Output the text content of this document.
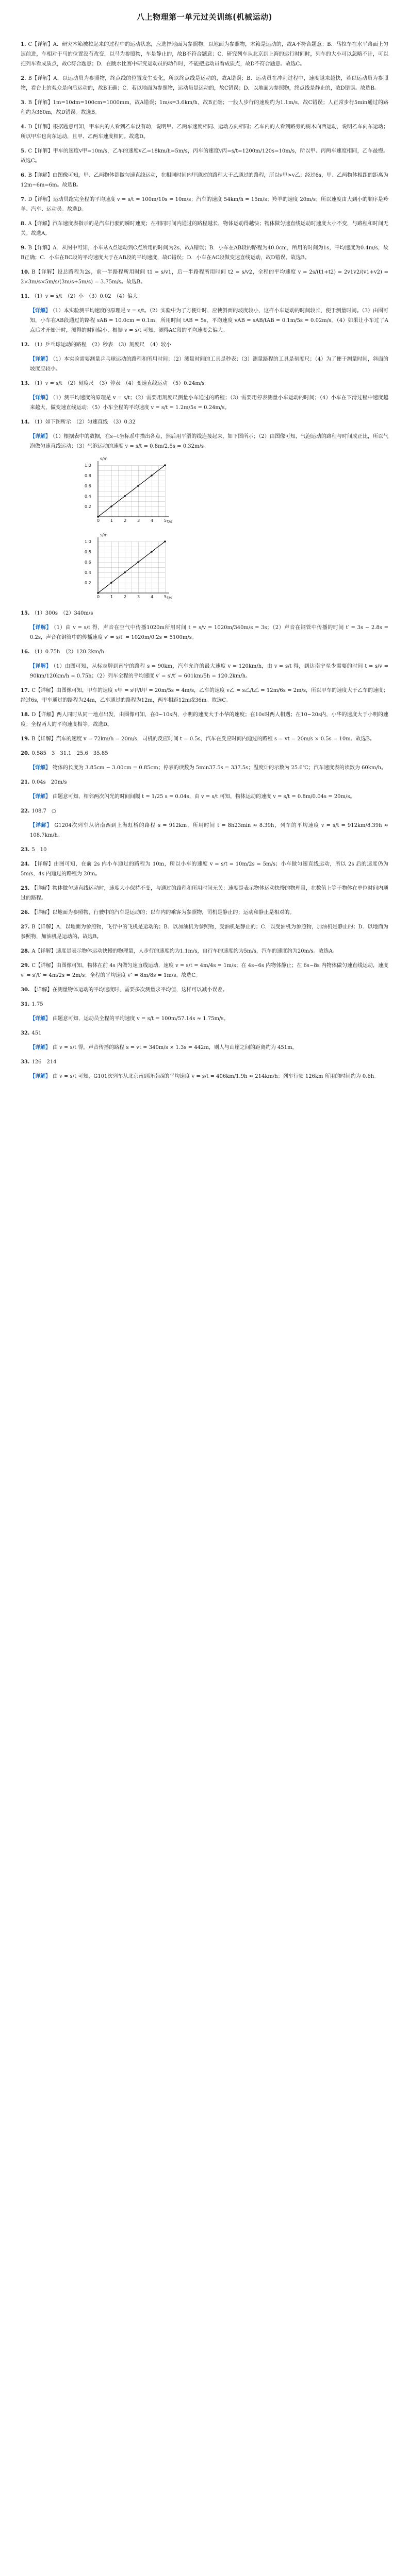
八上物理第一单元过关训练(机械运动)
1. C【详解】A．研究木箱被拉起来的过程中的运动状态，应选择地面为参照物，以地面为参照物，木箱是运动的，故A不符合题意；B．马拉车在水平路面上匀速前进，车相对于马的位置没有改变，以马为参照物，车是静止的，故B不符合题意；C．研究列车从北京到上海的运行时间时，列车的大小可以忽略不计，可以把列车看成质点，故C符合题意；D．在跳水比赛中研究运动员的动作时，不能把运动员看成质点，故D不符合题意。故选C。
2. B【详解】A．以运动员为参照物，终点线的位置发生变化，所以终点线是运动的，故A错误；B．运动员在冲刺过程中，速度越来越快，若以运动员为参照物，看台上的观众是向后运动的，故B正确；C．若以地面为参照物，运动员是运动的，故C错误；D．以地面为参照物，终点线是静止的，故D错误。故选B。
3. B【详解】1m=10dm=100cm=1000mm，故A错误；1m/s=3.6km/h，故B正确；一般人步行的速度约为1.1m/s，故C错误；人正常步行5min通过的路程约为360m，故D错误。故选B。
4. D【详解】根据题意可知，甲车内的人看到乙车没有动，说明甲、乙两车速度相同、运动方向相同；乙车内的人看到路旁的树木向西运动，说明乙车向东运动；所以甲车也向东运动，且甲、乙两车速度相同。故选D。
5. C【详解】甲车的速度v甲=10m/s，乙车的速度v乙=18km/h=5m/s，丙车的速度v丙=s/t=1200m/120s=10m/s，所以甲、丙两车速度相同，乙车最慢。故选C。
6. B【详解】由图像可知，甲、乙两物体都做匀速直线运动，在相同时间内甲通过的路程大于乙通过的路程，所以v甲>v乙；经过6s，甲、乙两物体相距的距离为12m−6m=6m。故选B。
7. D【详解】运动员跑完全程的平均速度 v = s/t = 100m/10s = 10m/s；汽车的速度 54km/h = 15m/s；羚羊的速度 20m/s；所以速度由大到小的顺序是羚羊、汽车、运动员。故选D。
8. A【详解】汽车速度表指示的是汽车行驶的瞬时速度；在相同时间内通过的路程越长，物体运动得越快；物体做匀速直线运动时速度大小不变，与路程和时间无关。故选A。
9. B【详解】A．从图中可知，小车从A点运动到C点所用的时间为2s，故A错误；B．小车在AB段的路程为40.0cm，所用的时间为1s，平均速度为0.4m/s，故B正确；C．小车在BC段的平均速度大于在AB段的平均速度，故C错误；D．小车在AC段做变速直线运动，故D错误。故选B。
10. B【详解】设总路程为2s，前一半路程所用时间 t1 = s/v1，后一半路程所用时间 t2 = s/v2，全程的平均速度 v = 2s/(t1+t2) = 2v1v2/(v1+v2) = 2×3m/s×5m/s/(3m/s+5m/s) = 3.75m/s。故选B。
11. （1）v = s/t　（2）小　（3）0.02　（4）偏大
【详解】 （1）本实验测平均速度的原理是 v = s/t。（2）实验中为了方便计时，应使斜面的坡度较小，这样小车运动的时间较长，便于测量时间。（3）由图可知，小车在AB段通过的路程 sAB = 10.0cm = 0.1m，所用时间 tAB = 5s，平均速度 vAB = sAB/tAB = 0.1m/5s = 0.02m/s。（4）如果让小车过了A点后才开始计时，测得的时间偏小，根据 v = s/t 可知，测得AC段的平均速度会偏大。
12. （1）乒乓球运动的路程　（2）秒表　（3）刻度尺　（4）较小
【详解】 （1）本实验需要测量乒乓球运动的路程和所用时间；（2）测量时间的工具是秒表；（3）测量路程的工具是刻度尺；（4）为了便于测量时间，斜面的坡度应较小。
13. （1）v = s/t　（2）刻度尺　（3）停表　（4）变速直线运动　（5）0.24m/s
【详解】 （1）测平均速度的原理是 v = s/t；（2）需要用刻度尺测量小车通过的路程；（3）需要用停表测量小车运动的时间；（4）小车在下滑过程中速度越来越大，做变速直线运动；（5）小车全程的平均速度 v = s/t = 1.2m/5s = 0.24m/s。
14. （1）如下图所示　（2）匀速直线　（3）0.32
【详解】 （1）根据表中的数据，在s−t坐标系中描出各点，然后用平滑的线连接起来，如下图所示；（2）由图像可知，气泡运动的路程与时间成正比，所以气泡做匀速直线运动；（3）气泡运动的速度 v = s/t = 0.8m/2.5s = 0.32m/s。
0	1	2	3	4	5
0.2
0.4
0.6
0.8
1.0
t/s
s/m
0	1	2	3	4	5
0.2
0.4
0.6
0.8
1.0
t/s
s/m
15. （1）300s　（2）340m/s
【详解】 （1）由 v = s/t 得，声音在空气中传播1020m所用时间 t = s/v = 1020m/340m/s = 3s；（2）声音在钢管中传播的时间 t′ = 3s − 2.8s = 0.2s，声音在钢管中的传播速度 v′ = s/t′ = 1020m/0.2s = 5100m/s。
16. （1）0.75h　（2）120.2km/h
【详解】 （1）由图可知，从标志牌到南宁的路程 s = 90km，汽车允许的最大速度 v = 120km/h，由 v = s/t 得，到达南宁至少需要的时间 t = s/v = 90km/120km/h = 0.75h；（2）列车全程的平均速度 v′ = s′/t′ = 601km/5h = 120.2km/h。
17. C【详解】由图像可知，甲车的速度 v甲 = s甲/t甲 = 20m/5s = 4m/s，乙车的速度 v乙 = s乙/t乙 = 12m/6s = 2m/s，所以甲车的速度大于乙车的速度；经过6s，甲车通过的路程为24m，乙车通过的路程为12m，两车相距12m或36m。故选C。
18. D【详解】两人同时从同一地点出发，由图像可知，在0~10s内，小明的速度大于小华的速度；在10s时两人相遇；在10~20s内，小华的速度大于小明的速度；全程两人的平均速度相等。故选D。
19. B【详解】汽车的速度 v = 72km/h = 20m/s，司机的反应时间 t = 0.5s，汽车在反应时间内通过的路程 s = vt = 20m/s × 0.5s = 10m。故选B。
20. 0.585　3　31.1　25.6　35.85
【详解】 物体的长度为 3.85cm − 3.00cm = 0.85cm；停表的读数为 5min37.5s = 337.5s；温度计的示数为 25.6℃；汽车速度表的读数为 60km/h。
21. 0.04s　20m/s
【详解】 由题意可知，相邻两次闪光的时间间隔 t = 1/25 s = 0.04s，由 v = s/t 可知，物体运动的速度 v = s/t = 0.8m/0.04s = 20m/s。
22. 108.7　○
【详解】 G1204次列车从济南西到上海虹桥的路程 s = 912km，所用时间 t = 8h23min ≈ 8.39h，列车的平均速度 v = s/t = 912km/8.39h ≈ 108.7km/h。
23. 5　10
24. 【详解】由图可知，在前 2s 内小车通过的路程为 10m，所以小车的速度 v = s/t = 10m/2s = 5m/s；小车做匀速直线运动，所以 2s 后的速度仍为 5m/s，4s 内通过的路程为 20m。
25. 【详解】物体做匀速直线运动时，速度大小保持不变，与通过的路程和所用时间无关；速度是表示物体运动快慢的物理量，在数值上等于物体在单位时间内通过的路程。
26. 【详解】以地面为参照物，行驶中的汽车是运动的；以车内的乘客为参照物，司机是静止的；运动和静止是相对的。
27. B【详解】A．以地面为参照物，飞行中的飞机是运动的；B．以加油机为参照物，受油机是静止的；C．以受油机为参照物，加油机是静止的；D．以地面为参照物，加油机是运动的。故选B。
28. A【详解】速度是表示物体运动快慢的物理量，人步行的速度约为1.1m/s，自行车的速度约为5m/s，汽车的速度约为20m/s。故选A。
29. C【详解】由图像可知，物体在前 4s 内做匀速直线运动，速度 v = s/t = 4m/4s = 1m/s；在 4s~6s 内物体静止；在 6s~8s 内物体做匀速直线运动，速度 v′ = s′/t′ = 4m/2s = 2m/s；全程的平均速度 v″ = 8m/8s = 1m/s。故选C。
30. 【详解】在测量物体运动的平均速度时，需要多次测量求平均值，这样可以减小误差。
31. 1.75
【详解】 由题意可知，运动员全程的平均速度 v = s/t = 100m/57.14s ≈ 1.75m/s。
32. 451
【详解】 由 v = s/t 得，声音传播的路程 s = vt = 340m/s × 1.3s = 442m，则人与山崖之间的距离约为 451m。
33. 126　214
【详解】 由 v = s/t 可知，G101次列车从北京南到济南西的平均速度 v = s/t = 406km/1.9h ≈ 214km/h；列车行驶 126km 所用的时间约为 0.6h。
